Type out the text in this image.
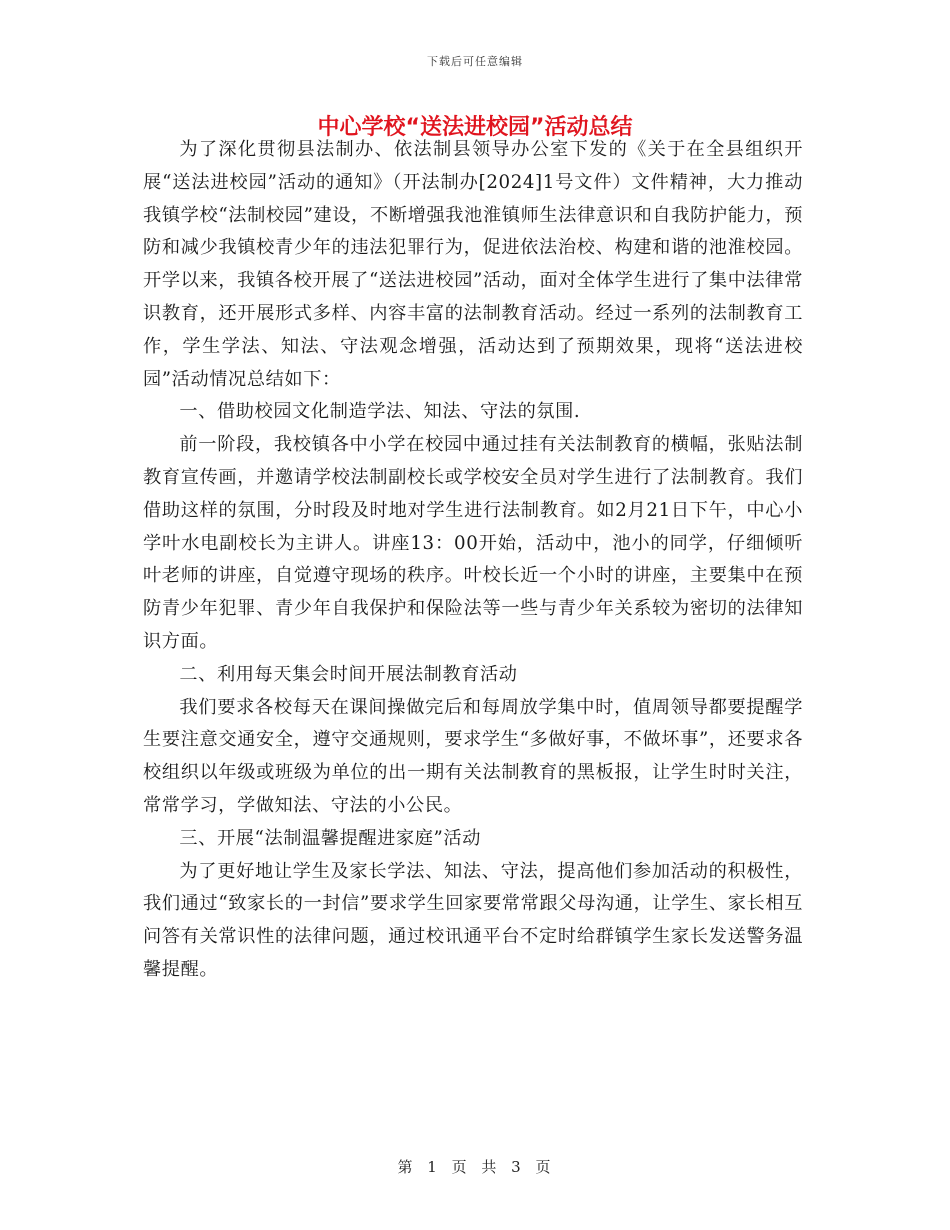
下载后可任意编辑
中心学校“送法进校园”活动总结

为了深化贯彻县法制办、依法制县领导办公室下发的《关于在全县组织开展“送法进校园”活动的通知》（开法制办[2024]1号文件）文件精神，大力推动我镇学校“法制校园”建设，不断增强我池淮镇师生法律意识和自我防护能力，预防和减少我镇校青少年的违法犯罪行为，促进依法治校、构建和谐的池淮校园。开学以来，我镇各校开展了“送法进校园”活动，面对全体学生进行了集中法律常识教育，还开展形式多样、内容丰富的法制教育活动。经过一系列的法制教育工作，学生学法、知法、守法观念增强，活动达到了预期效果，现将“送法进校园”活动情况总结如下：

一、借助校园文化制造学法、知法、守法的氛围.

前一阶段，我校镇各中小学在校园中通过挂有关法制教育的横幅，张贴法制教育宣传画，并邀请学校法制副校长或学校安全员对学生进行了法制教育。我们借助这样的氛围，分时段及时地对学生进行法制教育。如2月21日下午，中心小学叶水电副校长为主讲人。讲座13：00开始，活动中，池小的同学，仔细倾听叶老师的讲座，自觉遵守现场的秩序。叶校长近一个小时的讲座，主要集中在预防青少年犯罪、青少年自我保护和保险法等一些与青少年关系较为密切的法律知识方面。

二、利用每天集会时间开展法制教育活动

我们要求各校每天在课间操做完后和每周放学集中时，值周领导都要提醒学生要注意交通安全，遵守交通规则，要求学生“多做好事，不做坏事”，还要求各校组织以年级或班级为单位的出一期有关法制教育的黑板报，让学生时时关注，常常学习，学做知法、守法的小公民。

三、开展“法制温馨提醒进家庭”活动

为了更好地让学生及家长学法、知法、守法，提高他们参加活动的积极性，我们通过“致家长的一封信”要求学生回家要常常跟父母沟通，让学生、家长相互问答有关常识性的法律问题，通过校讯通平台不定时给群镇学生家长发送警务温馨提醒。

第 1 页 共 3 页
